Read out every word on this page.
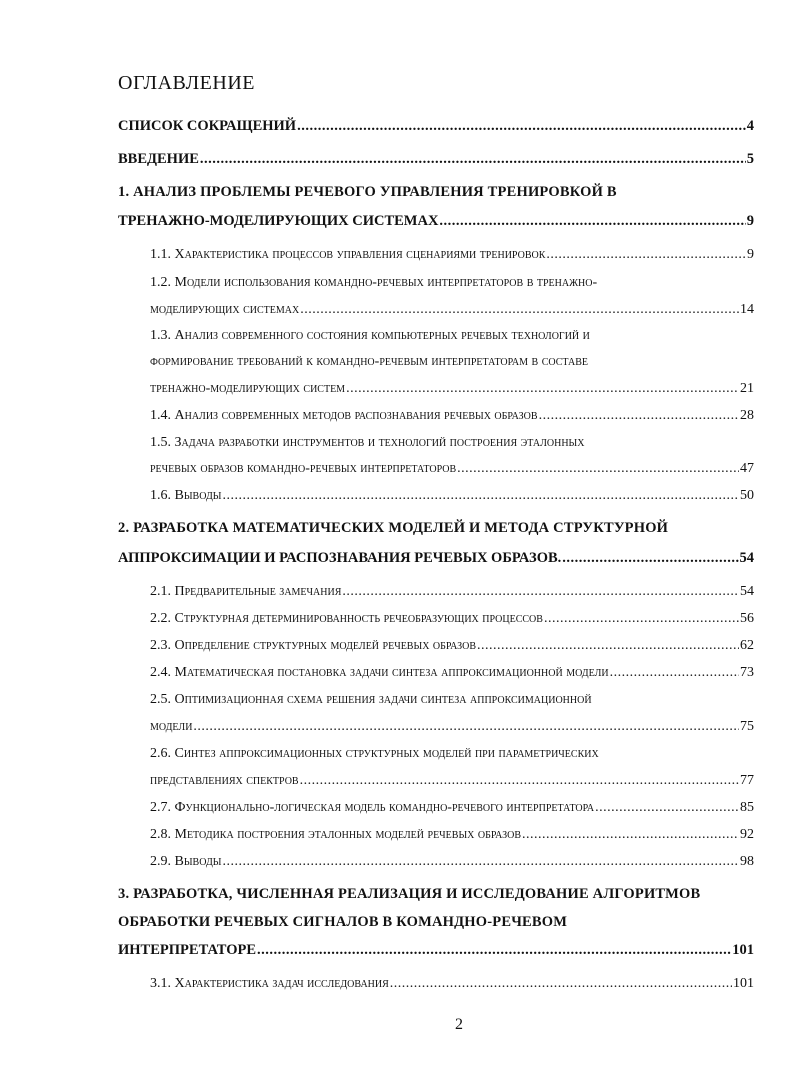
ОГЛАВЛЕНИЕ
СПИСОК СОКРАЩЕНИЙ .....	4
ВВЕДЕНИЕ .....	5
1. АНАЛИЗ ПРОБЛЕМЫ РЕЧЕВОГО УПРАВЛЕНИЯ ТРЕНИРОВКОЙ В
ТРЕНАЖНО-МОДЕЛИРУЮЩИХ СИСТЕМАХ .....	9
1.1. Характеристика процессов управления сценариями тренировок .....	9
1.2. Модели использования командно-речевых интерпретаторов в тренажно-
моделирующих системах .....	14
1.3. Анализ современного состояния компьютерных речевых технологий и
формирование требований к командно-речевым интерпретаторам в составе
тренажно-моделирующих систем .....	21
1.4. Анализ современных методов распознавания речевых образов .....	28
1.5. Задача разработки инструментов и технологий построения эталонных
речевых образов командно-речевых интерпретаторов .....	47
1.6. Выводы .....	50
2. РАЗРАБОТКА МАТЕМАТИЧЕСКИХ МОДЕЛЕЙ И МЕТОДА СТРУКТУРНОЙ
АППРОКСИМАЦИИ И РАСПОЗНАВАНИЯ РЕЧЕВЫХ ОБРАЗОВ. .....	54
2.1. Предварительные замечания .....	54
2.2. Структурная детерминированность речеобразующих процессов .....	56
2.3. Определение структурных моделей речевых образов .....	62
2.4. Математическая постановка задачи синтеза аппроксимационной модели .....	73
2.5. Оптимизационная схема решения задачи синтеза аппроксимационной
модели .....	75
2.6. Синтез аппроксимационных структурных моделей при параметрических
представлениях спектров .....	77
2.7. Функционально-логическая модель командно-речевого интерпретатора .....	85
2.8. Методика построения эталонных моделей речевых образов .....	92
2.9. Выводы .....	98
3. РАЗРАБОТКА, ЧИСЛЕННАЯ РЕАЛИЗАЦИЯ И ИССЛЕДОВАНИЕ АЛГОРИТМОВ
ОБРАБОТКИ РЕЧЕВЫХ СИГНАЛОВ В КОМАНДНО-РЕЧЕВОМ
ИНТЕРПРЕТАТОРЕ .....	101
3.1. Характеристика задач исследования .....	101
2
